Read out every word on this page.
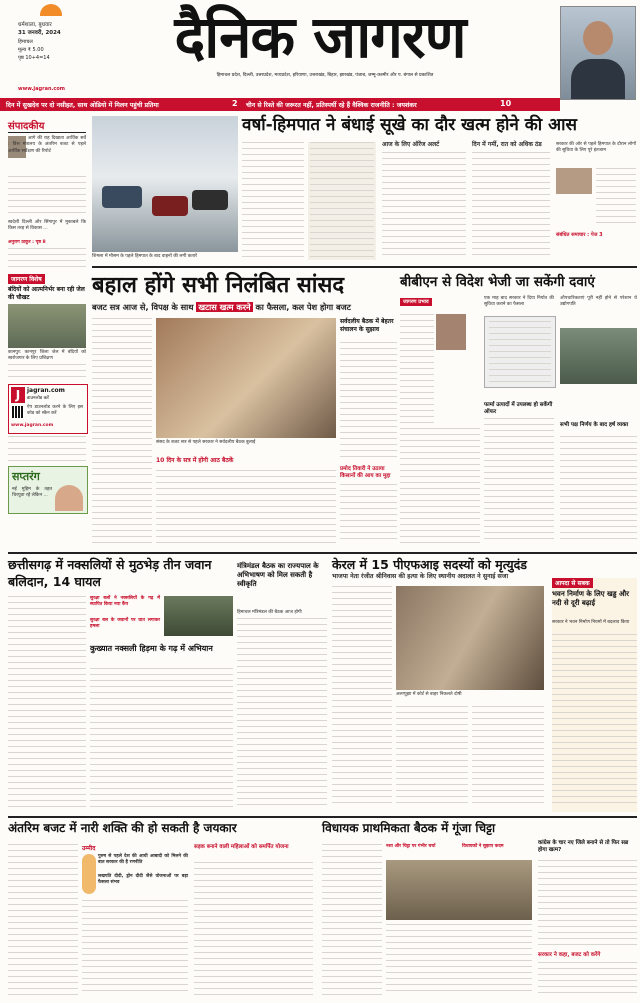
धर्मशाला, बुधवार
31 जनवरी, 2024
हिमाचल
मूल्य ₹ 5.00
पृष्ठ 10+4=14	दैनिक जागरण
हिमाचल प्रदेश, दिल्ली, उत्तरप्रदेश, मध्यप्रदेश, हरियाणा, उत्तराखंड, बिहार, झारखंड, पंजाब, जम्मू-कश्मीर और प. बंगाल से प्रकाशित
www.jagran.com
दिन में सुखदेव पर दो नसीहत, साथ ओडियो में मिलन पहुंची प्रतिमा	2 चीन से रिश्ते की जरूरत नहीं, प्रतिस्पर्धी रहे हैं वैश्विक राजनीति : जयशंकर	10
संपादकीय
आगे की राह दिखाता आर्थिक सर्वे : वित्त मंत्रालय के अंतरिम बजट से पहले आर्थिक सर्वेक्षण की रिपोर्ट
स्वदेशी दिल्ली और सिंगापुर में मुकाबले कि किस तरह से विकास ...
अनुराग ठाकुर : पृष्ठ 8
जागरण विशेष
बंदियों को आत्मनिर्भर बना रही जेल की चौखट
कानपुर: कानपुर जिला जेल में बंदियों को स्वरोजगार के लिए प्रशिक्षण
J	jagran.com
डाउनलोड करें
ऐप डाउनलोड करने के लिए इस कोड को स्कैन करें
www.jagran.com
सप्तरंग
नई मुहिम के तहत चिरयुवा रहें लेकिन ...
वर्षा-हिमपात ने बंधाई सूखे का दौर खत्म होने की आस
शिमला में मौसम के पहले हिमपात के बाद वाहनों की लगी कतारें
आज के लिए ऑरेंज अलर्ट	दिन में गर्मी, रात को अधिक ठंड	सरकार की ओर से पहले हिमपात के दौरान लोगों की सुविधा के लिए पूरे इंतजाम
संबंधित समाचार : पेज 3
बहाल होंगे सभी निलंबित सांसद
बजट सत्र आज से, विपक्ष के साथ खटास खत्म करने का फैसला, कल पेश होगा बजट
संसद के बजट सत्र से पहले सरकार ने सर्वदलीय बैठक बुलाई
10 दिन के सत्र में होंगी आठ बैठकें
सर्वदलीय बैठक में बेहतर संचालन के सुझाव
प्रमोद तिवारी ने उठाया किसानों की आय का मुद्दा
बीबीएन से विदेश भेजी जा सकेंगी दवाएं
जागरण प्रभाव
एक माह बाद सरकार ने दिया निर्यात की सुविधा कराने का फैसला
औपचारिकताएं पूरी नहीं होने से परेशान थे उद्योगपति
फार्मा उत्पादों में उपलब्ध हो सकेंगी ऑफर
सभी पक्ष निर्णय के बाद हर्ष व्यक्त
छत्तीसगढ़ में नक्सलियों से मुठभेड़ तीन जवान बलिदान, 14 घायल
सुरक्षा बलों ने नक्सलियों के गढ़ में स्थापित किया नया कैंप
सुरक्षा बल के जवानों पर घात लगाकर हमला
कुख्यात नक्सली हिड़मा के गढ़ में अभियान
मंत्रिमंडल बैठक का राज्यपाल के अभिभाषण को मिल सकती है स्वीकृति
हिमाचल मंत्रिमंडल की बैठक आज होगी
केरल में 15 पीएफआइ सदस्यों को मृत्युदंड
भाजपा नेता रंजीत श्रीनिवास की हत्या के लिए स्थानीय अदालत ने सुनाई सजा
अलप्पुझा में कोर्ट से बाहर निकलते दोषी
आपदा से सबक
भवन निर्माण के लिए खड्ड और नदी से दूरी बढ़ाई
सरकार ने भवन निर्माण नियमों में बदलाव किया
अंतरिम बजट में नारी शक्ति की हो सकती है जयकार
उम्मीद
पुरुष से पहले देश की आधी आबादी को मिलने की बात सरकार की है रणनीति
लखपति दीदी, ड्रोन दीदी जैसे योजनाओं पर बड़ा फैसला संभव
सड़क बनाने वाली महिलाओं को समर्पित योजना
विधायक प्राथमिकता बैठक में गूंजा चिट्टा
नशा और चिट्टा पर गंभीर चर्चा	विधायकों ने सुझाए कदम
कांग्रेस के चार नए जिले बनाने से तो फिर सब्र होगा खत्म?
सरकार ने कहा, बजट को करेंगे
